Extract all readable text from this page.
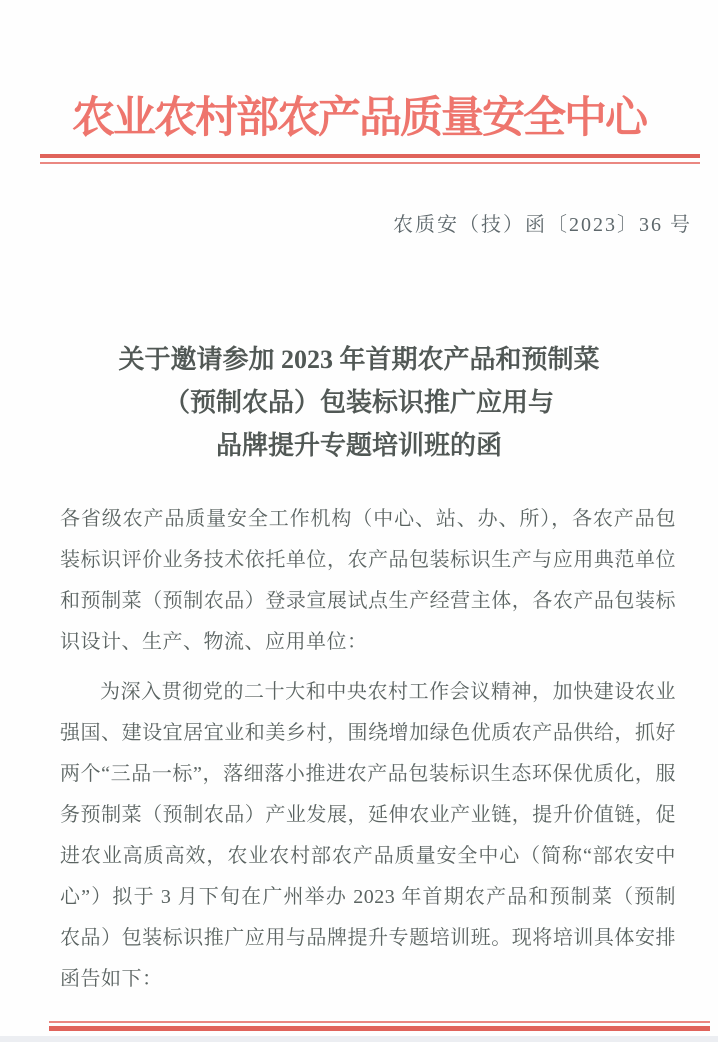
农业农村部农产品质量安全中心
农质安（技）函〔2023〕36 号
关于邀请参加 2023 年首期农产品和预制菜
（预制农品）包装标识推广应用与
品牌提升专题培训班的函

各省级农产品质量安全工作机构（中心、站、办、所），各农产品包装标识评价业务技术依托单位，农产品包装标识生产与应用典范单位和预制菜（预制农品）登录宣展试点生产经营主体，各农产品包装标识设计、生产、物流、应用单位：

为深入贯彻党的二十大和中央农村工作会议精神，加快建设农业强国、建设宜居宜业和美乡村，围绕增加绿色优质农产品供给，抓好两个“三品一标”，落细落小推进农产品包装标识生态环保优质化，服务预制菜（预制农品）产业发展，延伸农业产业链，提升价值链，促进农业高质高效，农业农村部农产品质量安全中心（简称“部农安中心”）拟于 3 月下旬在广州举办 2023 年首期农产品和预制菜（预制农品）包装标识推广应用与品牌提升专题培训班。现将培训具体安排函告如下：
